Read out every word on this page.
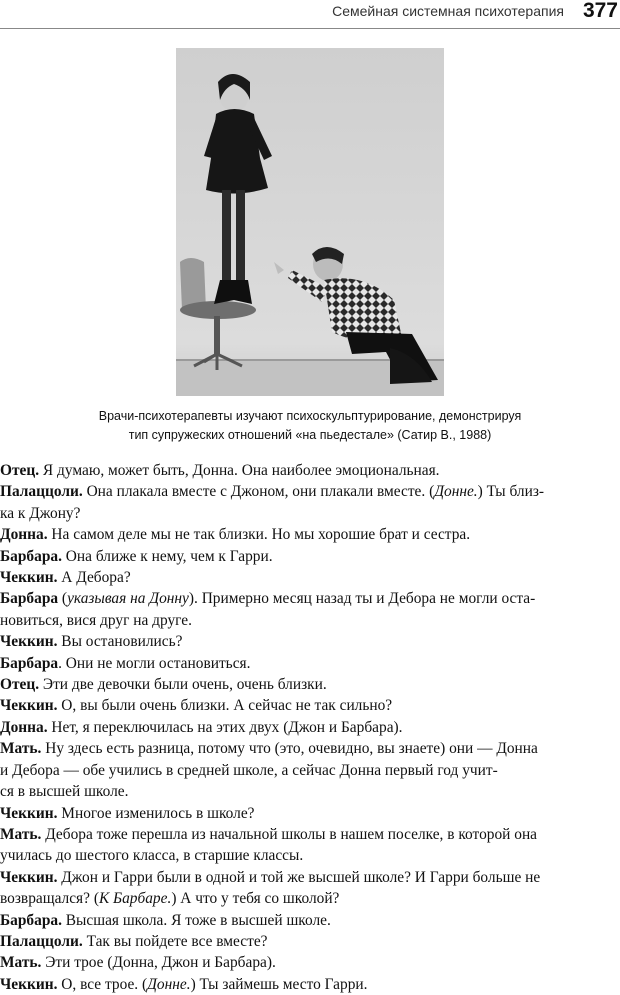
Семейная системная психотерапия 377
Врачи-психотерапевты изучают психоскульптурирование, демонстрируя
тип супружеских отношений «на пьедестале» (Сатир В., 1988)
Отец. Я думаю, может быть, Донна. Она наиболее эмоциональная.
Палаццоли. Она плакала вместе с Джоном, они плакали вместе. (Донне.) Ты близ-
ка к Джону?
Донна. На самом деле мы не так близки. Но мы хорошие брат и сестра.
Барбара. Она ближе к нему, чем к Гарри.
Чеккин. А Дебора?
Барбара (указывая на Донну). Примерно месяц назад ты и Дебора не могли оста-
новиться, вися друг на друге.
Чеккин. Вы остановились?
Барбара. Они не могли остановиться.
Отец. Эти две девочки были очень, очень близки.
Чеккин. О, вы были очень близки. А сейчас не так сильно?
Донна. Нет, я переключилась на этих двух (Джон и Барбара).
Мать. Ну здесь есть разница, потому что (это, очевидно, вы знаете) они — Донна
и Дебора — обе учились в средней школе, а сейчас Донна первый год учит-
ся в высшей школе.
Чеккин. Многое изменилось в школе?
Мать. Дебора тоже перешла из начальной школы в нашем поселке, в которой она
училась до шестого класса, в старшие классы.
Чеккин. Джон и Гарри были в одной и той же высшей школе? И Гарри больше не
возвращался? (К Барбаре.) А что у тебя со школой?
Барбара. Высшая школа. Я тоже в высшей школе.
Палаццоли. Так вы пойдете все вместе?
Мать. Эти трое (Донна, Джон и Барбара).
Чеккин. О, все трое. (Донне.) Ты займешь место Гарри.
